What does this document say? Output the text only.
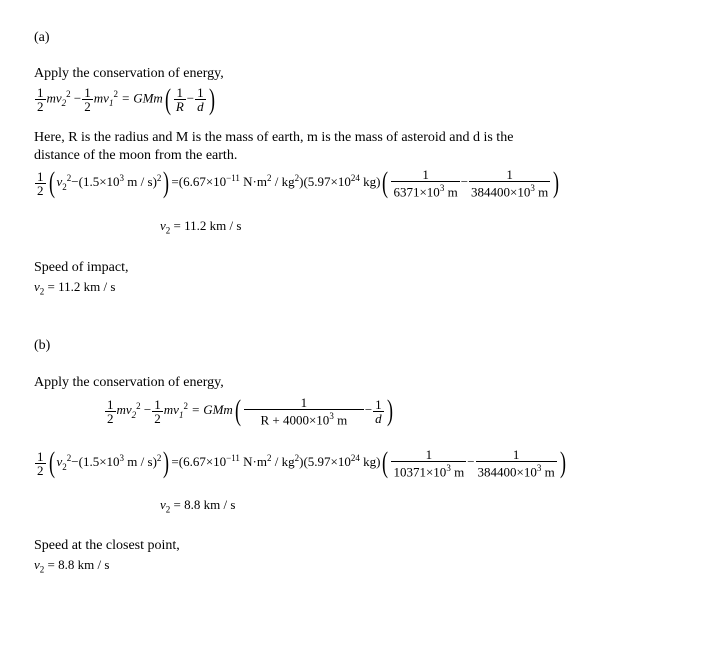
(a)
Apply the conservation of energy,
$\frac{1}{2} mv_2^2 - \frac{1}{2} mv_1^2 = GMm( \frac{1}{R} - \frac{1}{d}$ )
Here, R is the radius and M is the mass of earth, m is the mass of asteroid and d is the
distance of the moon from the earth.
$\frac{1}{2}$ ( $v_2^2-(1.5\times 10^3$ $m / s)^2) =(6.67\times 10^{-11}$ $N\cdot m^2 / kg^2)(5.97\times 10^{24}$ $kg)( \frac{1}{6371\times 10^3 m} - \frac{1}{384400\times 10^3 m}$ )
$v_2 = 11.2$ km / s
Speed of impact,
$v_2 = 11.2$ km / s
(b)
Apply the conservation of energy,
$\frac{1}{2} mv_2^2 - \frac{1}{2} mv_1^2 = GMm( \frac{1}{R + 4000\times 10^3 m} - \frac{1}{d}$ )
$\frac{1}{2}$ ( $v_2^2-(1.5\times 10^3$ $m / s)^2) =(6.67\times 10^{-11}$ $N\cdot m^2 / kg^2)(5.97\times 10^{24}$ $kg)( \frac{1}{10371\times 10^3 m} - \frac{1}{384400\times 10^3 m}$ )
$v_2 = 8.8$ km / s
Speed at the closest point,
$v_2 = 8.8$ km / s
